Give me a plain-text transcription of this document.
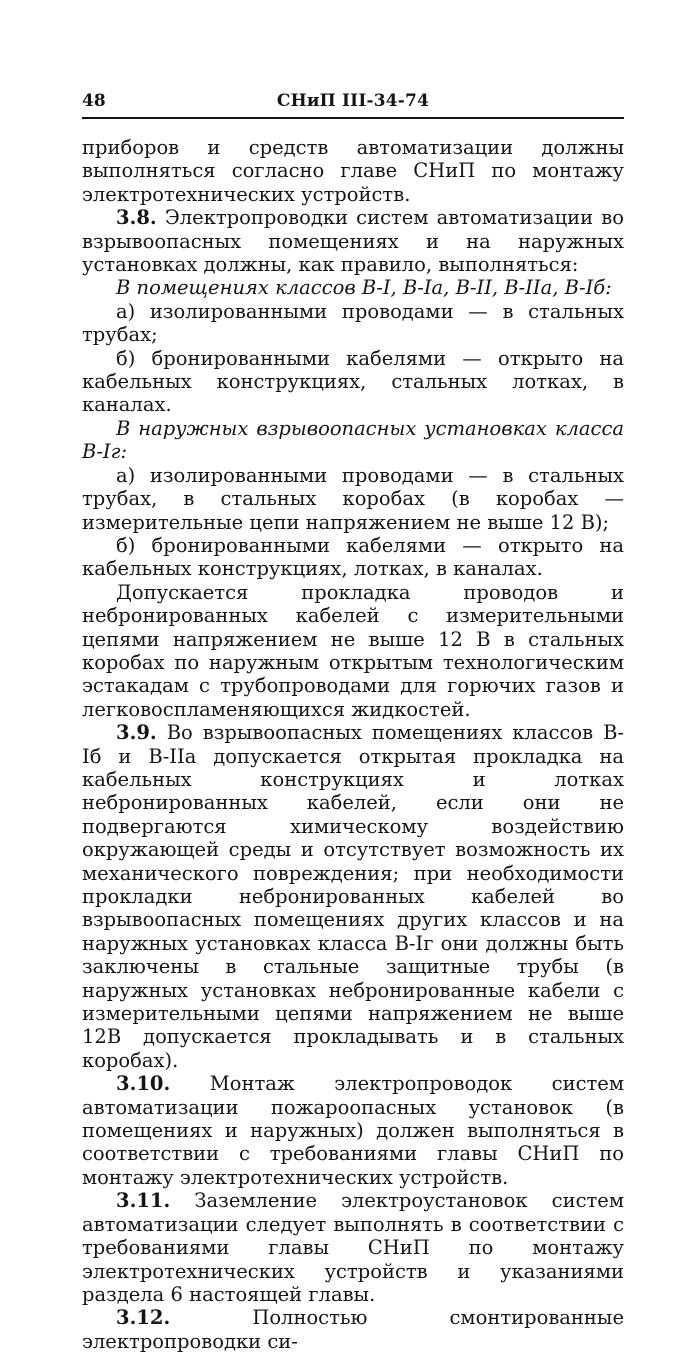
48	СНиП III-34-74

приборов и средств автоматизации должны выполняться согласно главе СНиП по монтажу электротехнических устройств.

3.8. Электропроводки систем автоматизации во взрывоопасных помещениях и на наружных установках должны, как правило, выполняться:

В помещениях классов В-I, В-Iа, В-II, В-IIа, В-Iб:

а) изолированными проводами — в стальных трубах;

б) бронированными кабелями — открыто на кабельных конструкциях, стальных лотках, в каналах.

В наружных взрывоопасных установках класса В-Iг:

а) изолированными проводами — в стальных трубах, в стальных коробах (в коробах — измерительные цепи напряжением не выше 12 В);

б) бронированными кабелями — открыто на кабельных конструкциях, лотках, в каналах.

Допускается прокладка проводов и небронированных кабелей с измерительными цепями напряжением не выше 12 В в стальных коробах по наружным открытым технологическим эстакадам с трубопроводами для горючих газов и легковоспламеняющихся жидкостей.

3.9. Во взрывоопасных помещениях классов В-Iб и В-IIа допускается открытая прокладка на кабельных конструкциях и лотках небронированных кабелей, если они не подвергаются химическому воздействию окружающей среды и отсутствует возможность их механического повреждения; при необходимости прокладки небронированных кабелей во взрывоопасных помещениях других классов и на наружных установках класса В-Iг они должны быть заключены в стальные защитные трубы (в наружных установках небронированные кабели с измерительными цепями напряжением не выше 12В допускается прокладывать и в стальных коробах).

3.10. Монтаж электропроводок систем автоматизации пожароопасных установок (в помещениях и наружных) должен выполняться в соответствии с требованиями главы СНиП по монтажу электротехнических устройств.

3.11. Заземление электроустановок систем автоматизации следует выполнять в соответствии с требованиями главы СНиП по монтажу электротехнических устройств и указаниями раздела 6 настоящей главы.

3.12.	Полностью смонтированные электропроводки си-
